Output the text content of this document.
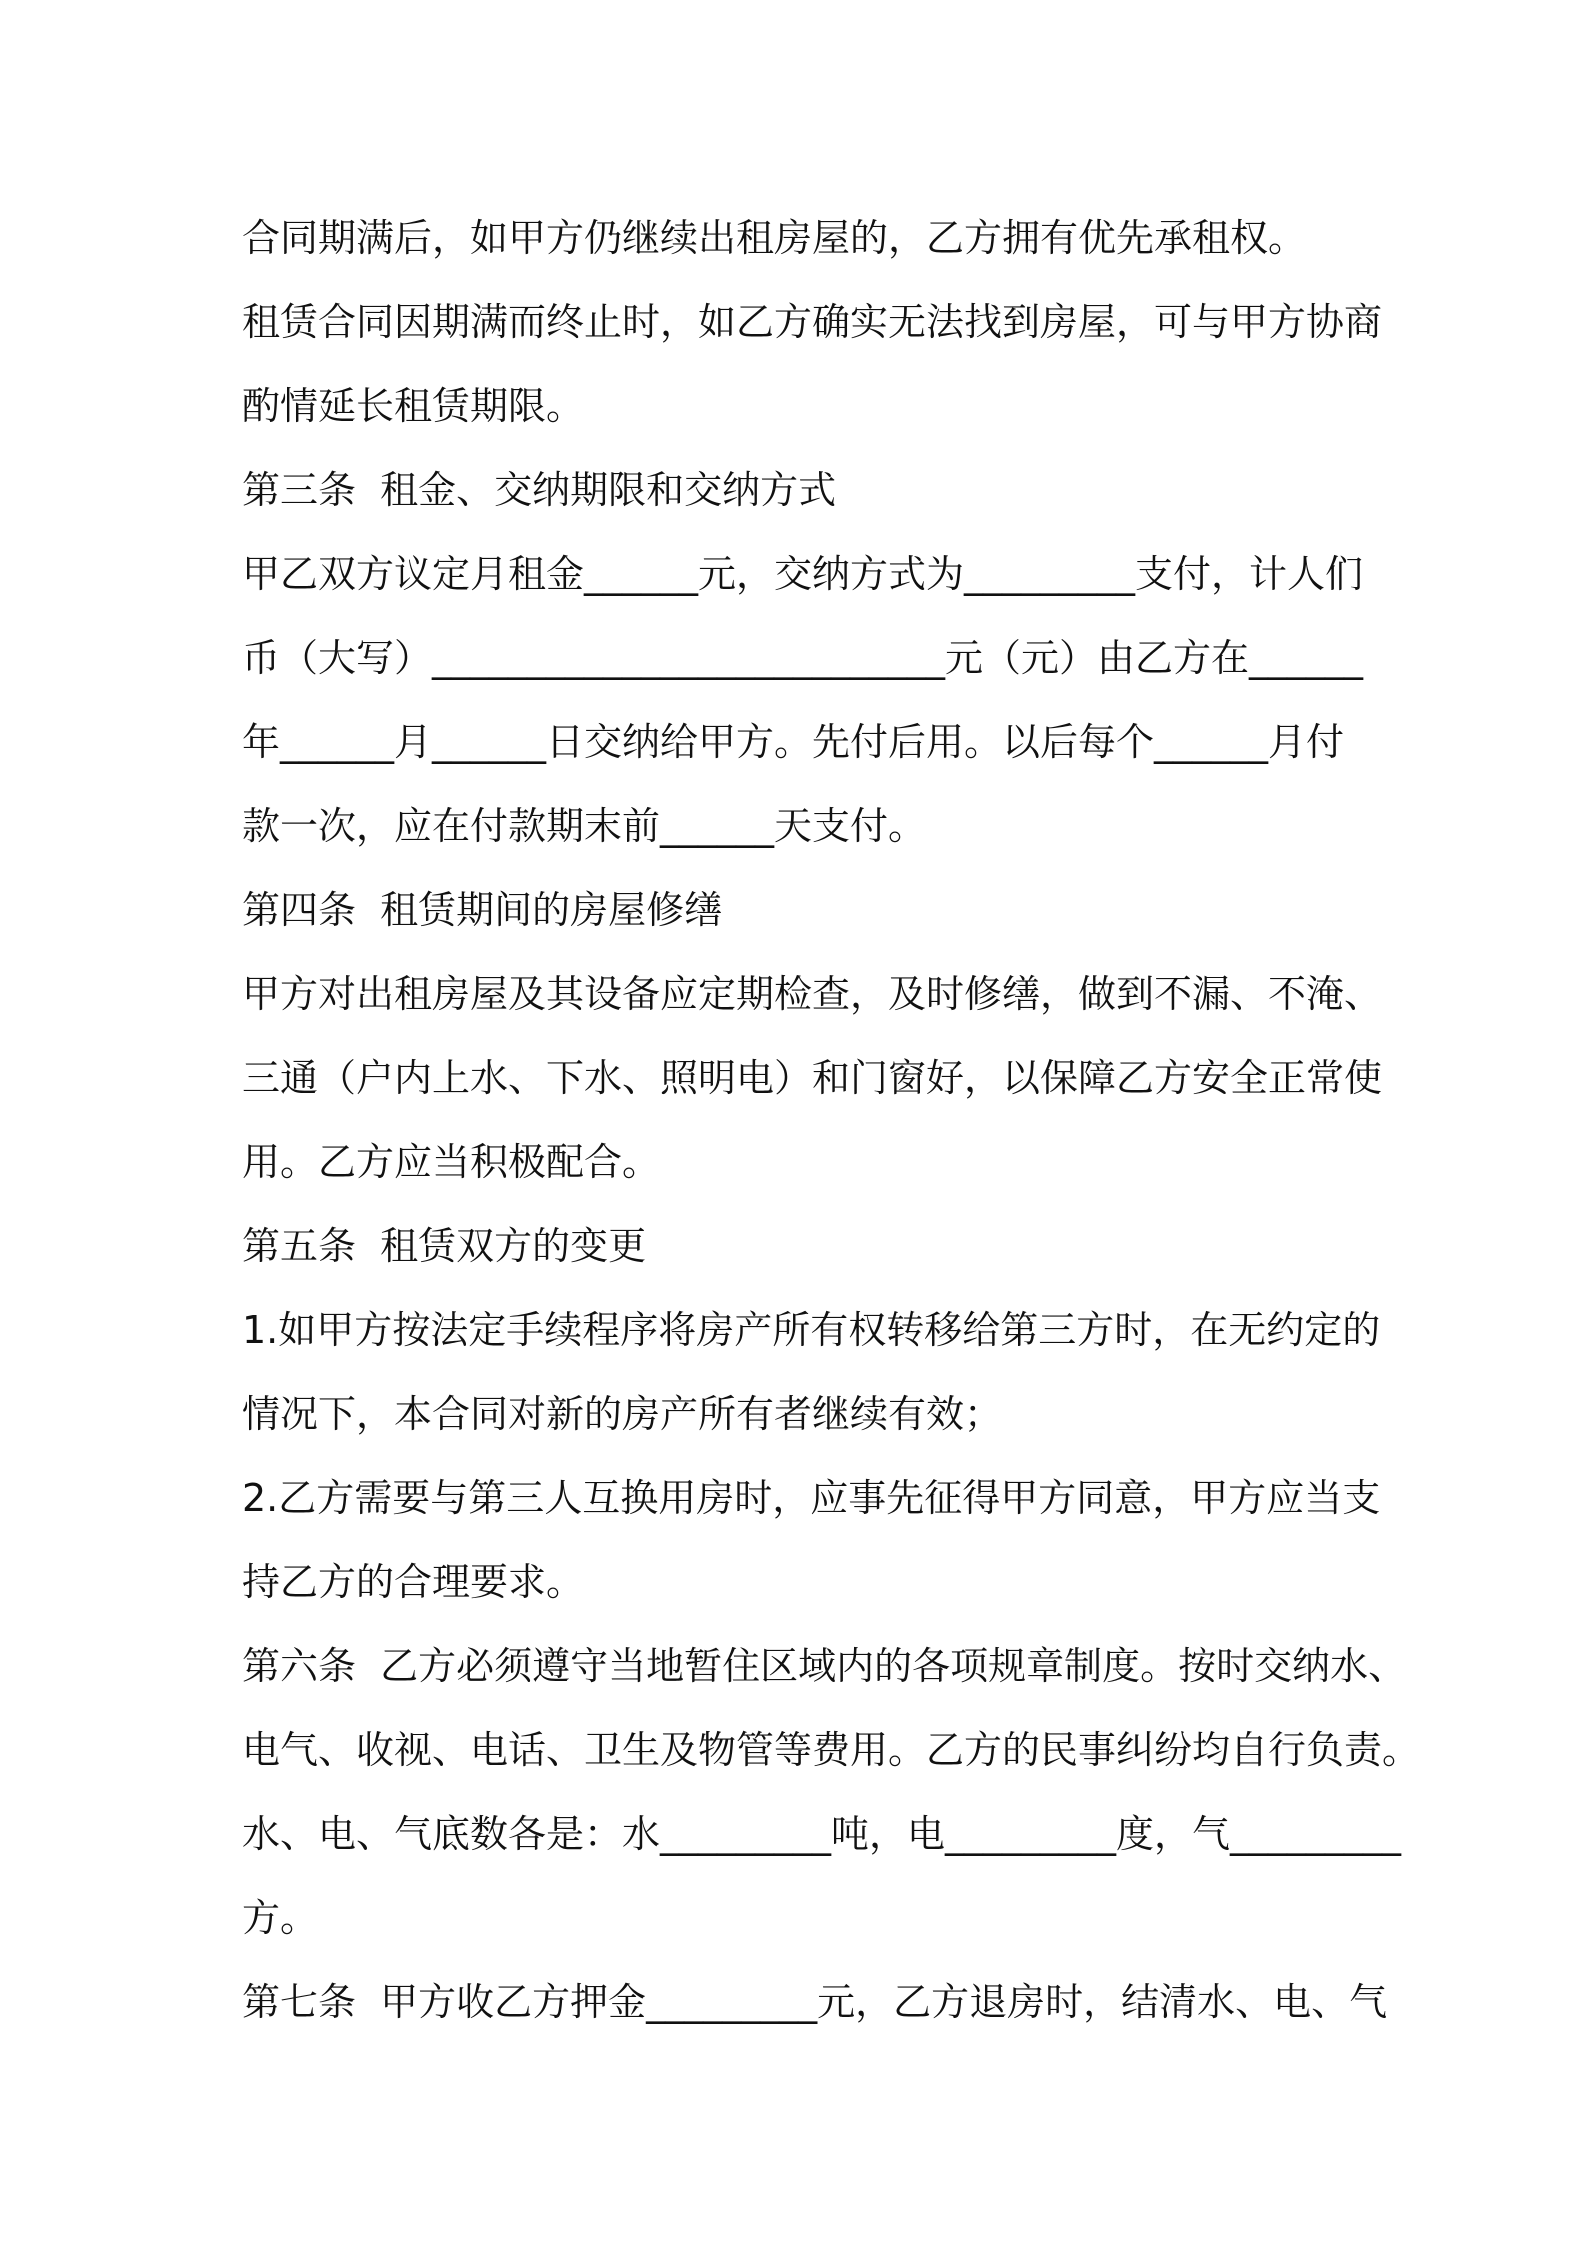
合同期满后，如甲方仍继续出租房屋的，乙方拥有优先承租权。
租赁合同因期满而终止时，如乙方确实无法找到房屋，可与甲方协商
酌情延长租赁期限。
第三条  租金、交纳期限和交纳方式
甲乙双方议定月租金______元，交纳方式为_________支付，计人们
币（大写）___________________________元（元）由乙方在______
年______月______日交纳给甲方。先付后用。以后每个______月付
款一次，应在付款期末前______天支付。
第四条  租赁期间的房屋修缮
甲方对出租房屋及其设备应定期检查，及时修缮，做到不漏、不淹、
三通（户内上水、下水、照明电）和门窗好，以保障乙方安全正常使
用。乙方应当积极配合。
第五条  租赁双方的变更
1.如甲方按法定手续程序将房产所有权转移给第三方时，在无约定的
情况下，本合同对新的房产所有者继续有效；
2.乙方需要与第三人互换用房时，应事先征得甲方同意，甲方应当支
持乙方的合理要求。
第六条  乙方必须遵守当地暂住区域内的各项规章制度。按时交纳水、
电气、收视、电话、卫生及物管等费用。乙方的民事纠纷均自行负责。
水、电、气底数各是：水_________吨，电_________度，气_________
方。
第七条  甲方收乙方押金_________元，乙方退房时，结清水、电、气
